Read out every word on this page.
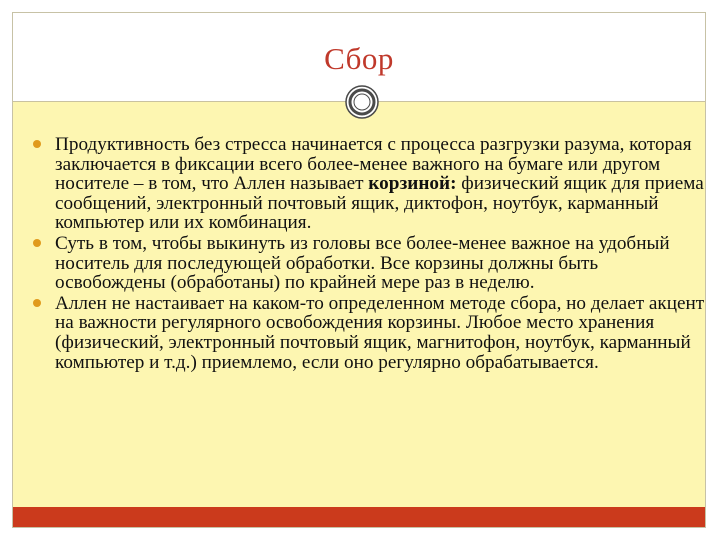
Сбор
Продуктивность без стресса начинается с процесса разгрузки разума, которая заключается в фиксации всего более-менее важного на бумаге или другом носителе – в том, что Аллен называет корзиной: физический ящик для приема сообщений, электронный почтовый ящик, диктофон, ноутбук, карманный компьютер или их комбинация.
Суть в том, чтобы выкинуть из головы все более-менее важное на удобный носитель для последующей обработки. Все корзины должны быть освобождены (обработаны) по крайней мере раз в неделю.
Аллен не настаивает на каком-то определенном методе сбора, но делает акцент на важности регулярного освобождения корзины. Любое место хранения (физический, электронный почтовый ящик, магнитофон, ноутбук, карманный компьютер и т.д.) приемлемо, если оно регулярно обрабатывается.
